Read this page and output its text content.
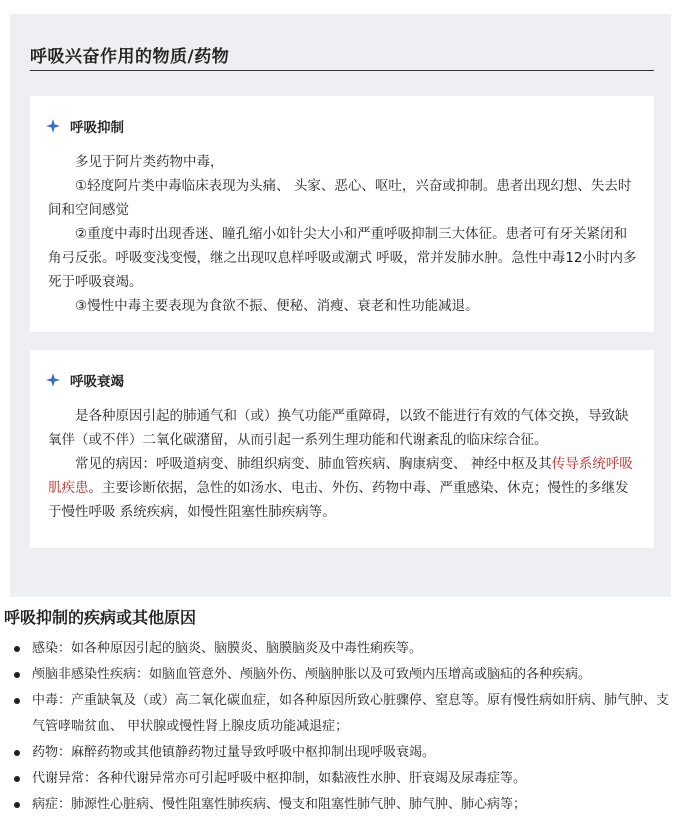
呼吸兴奋作用的物质/药物
呼吸抑制

多见于阿片类药物中毒，

①轻度阿片类中毒临床表现为头痛、 头家、恶心、呕吐，兴奋或抑制。患者出现幻想、失去时间和空间感觉

②重度中毒时出现香迷、瞳孔缩小如针尖大小和严重呼吸抑制三大体征。患者可有牙关紧闭和角弓反张。呼吸变浅变慢，继之出现叹息样呼吸或潮式 呼吸，常并发肺水肿。急性中毒12小时内多死于呼吸衰竭。

③慢性中毒主要表现为食欲不振、便秘、消瘦、衰老和性功能减退。

呼吸衰竭

是各种原因引起的肺通气和（或）换气功能严重障碍，以致不能进行有效的气体交换，导致缺氧伴（或不伴）二氧化碳潴留，从而引起一系列生理功能和代谢紊乱的临床综合征。

常见的病因：呼吸道病变、肺组织病变、肺血管疾病、胸康病变、 神经中枢及其传导系统呼吸肌疾患。主要诊断依据，急性的如汤水、电击、外伤、药物中毒、严重感染、休克；慢性的多继发于慢性呼吸 系统疾病，如慢性阻塞性肺疾病等。

呼吸抑制的疾病或其他原因
感染：如各种原因引起的脑炎、脑膜炎、脑膜脑炎及中毒性痢疾等。
颅脑非感染性疾病：如脑血管意外、颅脑外伤、颅脑肿胀以及可致颅内压增高或脑疝的各种疾病。
中毒：产重缺氧及（或）高二氧化碳血症，如各种原因所致心脏骤停、窒息等。原有慢性病如肝病、肺气肿、支气管哮喘贫血、 甲状腺或慢性肾上腺皮质功能减退症；
药物：麻醉药物或其他镇静药物过量导致呼吸中枢抑制出现呼吸衰竭。
代谢异常：各种代谢异常亦可引起呼吸中枢抑制，如黏液性水肿、肝衰竭及尿毒症等。
病症：肺源性心脏病、慢性阻塞性肺疾病、慢支和阻塞性肺气肿、肺气肿、肺心病等；
